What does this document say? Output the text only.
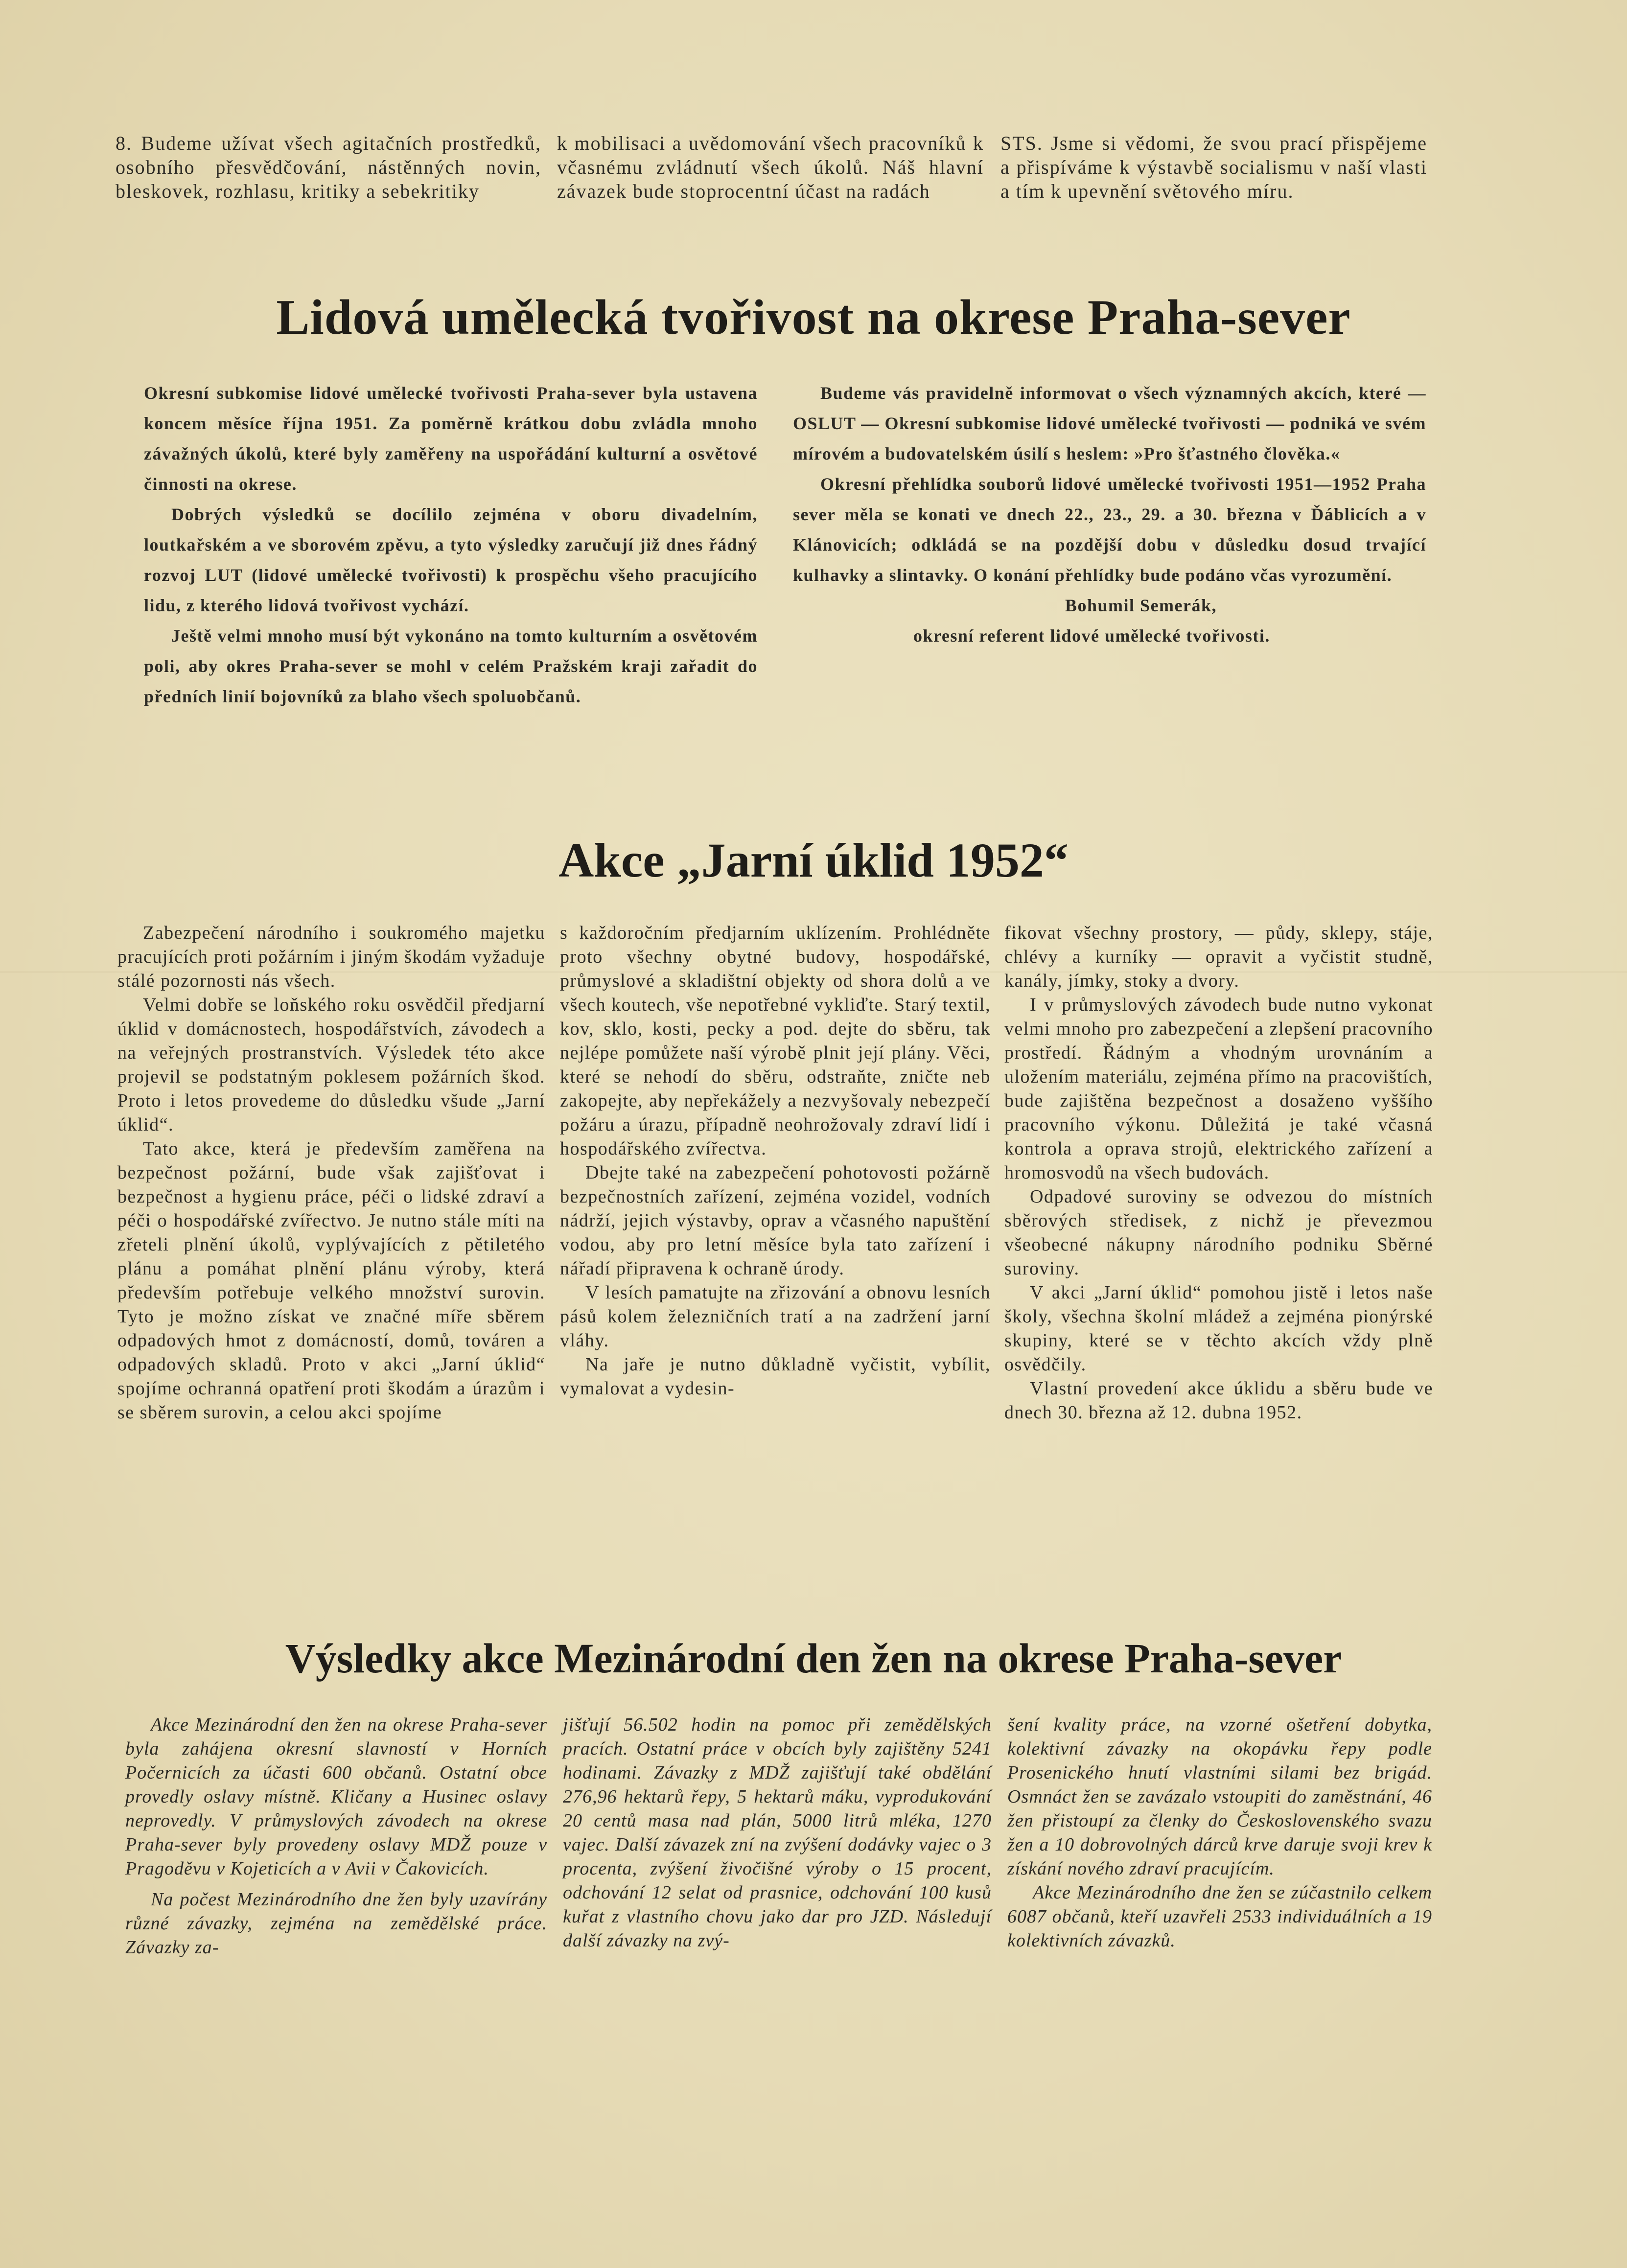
8. Budeme užívat všech agitačních prostředků, osobního přesvědčování, nástěnných novin, bleskovek, rozhlasu, kritiky a sebekritiky

k mobilisaci a uvědomování všech pracovníků k včasnému zvládnutí všech úkolů. Náš hlavní závazek bude stoprocentní účast na radách

STS. Jsme si vědomi, že svou prací přispějeme a přispíváme k výstavbě socialismu v naší vlasti a tím k upevnění světového míru.

Lidová umělecká tvořivost na okrese Praha-sever

Okresní subkomise lidové umělecké tvořivosti Praha-sever byla ustavena koncem měsíce října 1951. Za poměrně krátkou dobu zvládla mnoho závažných úkolů, které byly zaměřeny na uspořádání kulturní a osvětové činnosti na okrese.

Dobrých výsledků se docílilo zejména v oboru divadelním, loutkařském a ve sborovém zpěvu, a tyto výsledky zaručují již dnes řádný rozvoj LUT (lidové umělecké tvořivosti) k prospěchu všeho pracujícího lidu, z kterého lidová tvořivost vychází.

Ještě velmi mnoho musí být vykonáno na tomto kulturním a osvětovém poli, aby okres Praha-sever se mohl v celém Pražském kraji zařadit do předních linií bojovníků za blaho všech spoluobčanů.

Budeme vás pravidelně informovat o všech významných akcích, které — OSLUT — Okresní subkomise lidové umělecké tvořivosti — podniká ve svém mírovém a budovatelském úsilí s heslem: »Pro šťastného člověka.«

Okresní přehlídka souborů lidové umělecké tvořivosti 1951—1952 Praha sever měla se konati ve dnech 22., 23., 29. a 30. března v Ďáblicích a v Klánovicích; odkládá se na pozdější dobu v důsledku dosud trvající kulhavky a slintavky. O konání přehlídky bude podáno včas vyrozumění.

Bohumil Semerák,

okresní referent lidové umělecké tvořivosti.

Akce „Jarní úklid 1952“

Zabezpečení národního i soukromého majetku pracujících proti požárním i jiným škodám vyžaduje stálé pozornosti nás všech.

Velmi dobře se loňského roku osvědčil předjarní úklid v domácnostech, hospodářstvích, závodech a na veřejných prostranstvích. Výsledek této akce projevil se podstatným poklesem požárních škod. Proto i letos provedeme do důsledku všude „Jarní úklid“.

Tato akce, která je především zaměřena na bezpečnost požární, bude však zajišťovat i bezpečnost a hygienu práce, péči o lidské zdraví a péči o hospodářské zvířectvo. Je nutno stále míti na zřeteli plnění úkolů, vyplývajících z pětiletého plánu a pomáhat plnění plánu výroby, která především potřebuje velkého množství surovin. Tyto je možno získat ve značné míře sběrem odpadových hmot z domácností, domů, továren a odpadových skladů. Proto v akci „Jarní úklid“ spojíme ochranná opatření proti škodám a úrazům i se sběrem surovin, a celou akci spojíme

s každoročním předjarním uklízením. Prohlédněte proto všechny obytné budovy, hospodářské, průmyslové a skladištní objekty od shora dolů a ve všech koutech, vše nepotřebné vykliďte. Starý textil, kov, sklo, kosti, pecky a pod. dejte do sběru, tak nejlépe pomůžete naší výrobě plnit její plány. Věci, které se nehodí do sběru, odstraňte, zničte neb zakopejte, aby nepřekážely a nezvyšovaly nebezpečí požáru a úrazu, případně neohrožovaly zdraví lidí i hospodářského zvířectva.

Dbejte také na zabezpečení pohotovosti požárně bezpečnostních zařízení, zejména vozidel, vodních nádrží, jejich výstavby, oprav a včasného napuštění vodou, aby pro letní měsíce byla tato zařízení i nářadí připravena k ochraně úrody.

V lesích pamatujte na zřizování a obnovu lesních pásů kolem železničních tratí a na zadržení jarní vláhy.

Na jaře je nutno důkladně vyčistit, vybílit, vymalovat a vydesin-

fikovat všechny prostory, — půdy, sklepy, stáje, chlévy a kurníky — opravit a vyčistit studně, kanály, jímky, stoky a dvory.

I v průmyslových závodech bude nutno vykonat velmi mnoho pro zabezpečení a zlepšení pracovního prostředí. Řádným a vhodným urovnáním a uložením materiálu, zejména přímo na pracovištích, bude zajištěna bezpečnost a dosaženo vyššího pracovního výkonu. Důležitá je také včasná kontrola a oprava strojů, elektrického zařízení a hromosvodů na všech budovách.

Odpadové suroviny se odvezou do místních sběrových středisek, z nichž je převezmou všeobecné nákupny národního podniku Sběrné suroviny.

V akci „Jarní úklid“ pomohou jistě i letos naše školy, všechna školní mládež a zejména pionýrské skupiny, které se v těchto akcích vždy plně osvědčily.

Vlastní provedení akce úklidu a sběru bude ve dnech 30. března až 12. dubna 1952.

Výsledky akce Mezinárodní den žen na okrese Praha-sever

Akce Mezinárodní den žen na okrese Praha-sever byla zahájena okresní slavností v Horních Počernicích za účasti 600 občanů. Ostatní obce provedly oslavy místně. Kličany a Husinec oslavy neprovedly. V průmyslových závodech na okrese Praha-sever byly provedeny oslavy MDŽ pouze v Pragoděvu v Kojeticích a v Avii v Čakovicích.

Na počest Mezinárodního dne žen byly uzavírány různé závazky, zejména na zemědělské práce. Závazky za-

jišťují 56.502 hodin na pomoc při zemědělských pracích. Ostatní práce v obcích byly zajištěny 5241 hodinami. Závazky z MDŽ zajišťují také obdělání 276,96 hektarů řepy, 5 hektarů máku, vyprodukování 20 centů masa nad plán, 5000 litrů mléka, 1270 vajec. Další závazek zní na zvýšení dodávky vajec o 3 procenta, zvýšení živočišné výroby o 15 procent, odchování 12 selat od prasnice, odchování 100 kusů kuřat z vlastního chovu jako dar pro JZD. Následují další závazky na zvý-

šení kvality práce, na vzorné ošetření dobytka, kolektivní závazky na okopávku řepy podle Prosenického hnutí vlastními silami bez brigád. Osmnáct žen se zavázalo vstoupiti do zaměstnání, 46 žen přistoupí za členky do Československého svazu žen a 10 dobrovolných dárců krve daruje svoji krev k získání nového zdraví pracujícím.

Akce Mezinárodního dne žen se zúčastnilo celkem 6087 občanů, kteří uzavřeli 2533 individuálních a 19 kolektivních závazků.
